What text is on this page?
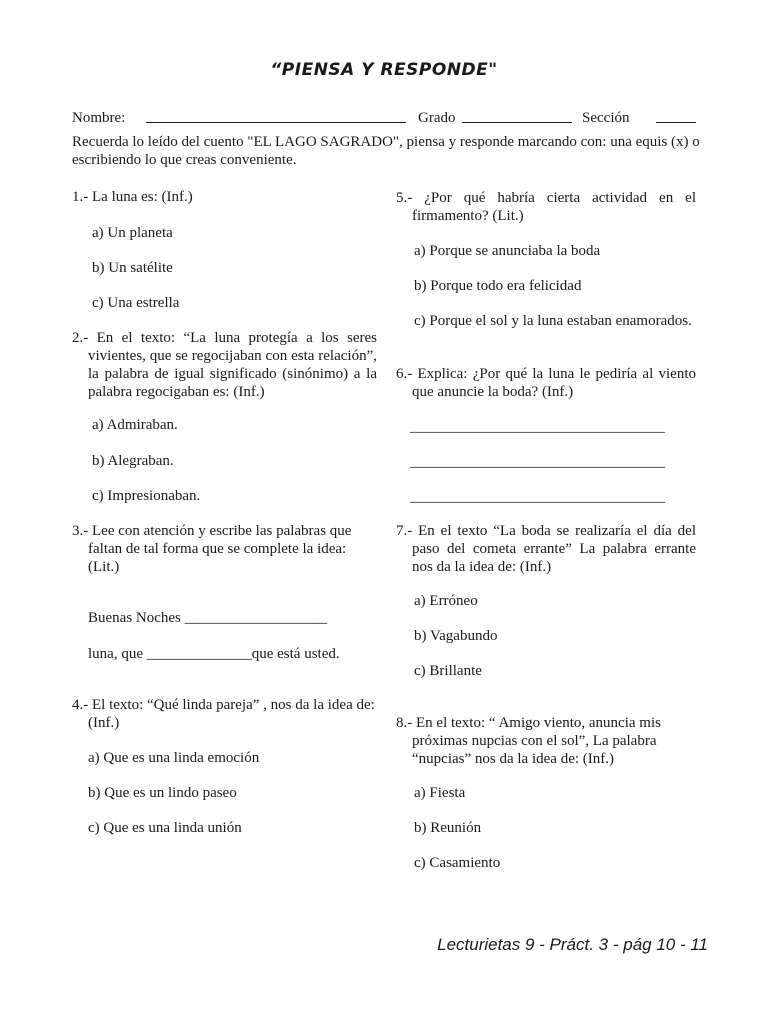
“PIENSA Y RESPONDE"
Nombre:	Grado	Sección
Recuerda lo leído del cuento "EL LAGO SAGRADO", piensa y responde marcando con: una equis (x) o escribiendo lo que creas conveniente.
1.- La luna es: (Inf.)
a) Un planeta
b) Un satélite
c) Una estrella
2.- En el texto: “La luna protegía a los seres vivientes, que se regocijaban con esta relación”, la palabra de igual significado (sinónimo) a la palabra regocigaban es: (Inf.)
a) Admiraban.
b) Alegraban.
c) Impresionaban.
3.- Lee con atención y escribe las palabras que faltan de tal forma que se complete la idea: (Lit.)
Buenas Noches ___________________
luna, que ______________que está usted.
4.- El texto: “Qué linda pareja” , nos da la idea de: (Inf.)
a) Que es una linda emoción
b) Que es un lindo paseo
c) Que es una linda unión
5.- ¿Por qué habría cierta actividad en el firmamento? (Lit.)
a) Porque se anunciaba la boda
b) Porque todo era felicidad
c) Porque el sol y la luna estaban enamorados.
6.- Explica: ¿Por qué la luna le pediría al viento que anuncie la boda? (Inf.)
__________________________________
__________________________________
__________________________________
7.- En el texto “La boda se realizaría el día del paso del cometa errante” La palabra errante nos da la idea de: (Inf.)
a) Erróneo
b) Vagabundo
c) Brillante
8.- En el texto: “ Amigo viento, anuncia mis próximas nupcias con el sol”, La palabra “nupcias” nos da la idea de: (Inf.)
a) Fiesta
b) Reunión
c) Casamiento
Lecturietas 9 - Práct. 3 - pág 10 - 11
